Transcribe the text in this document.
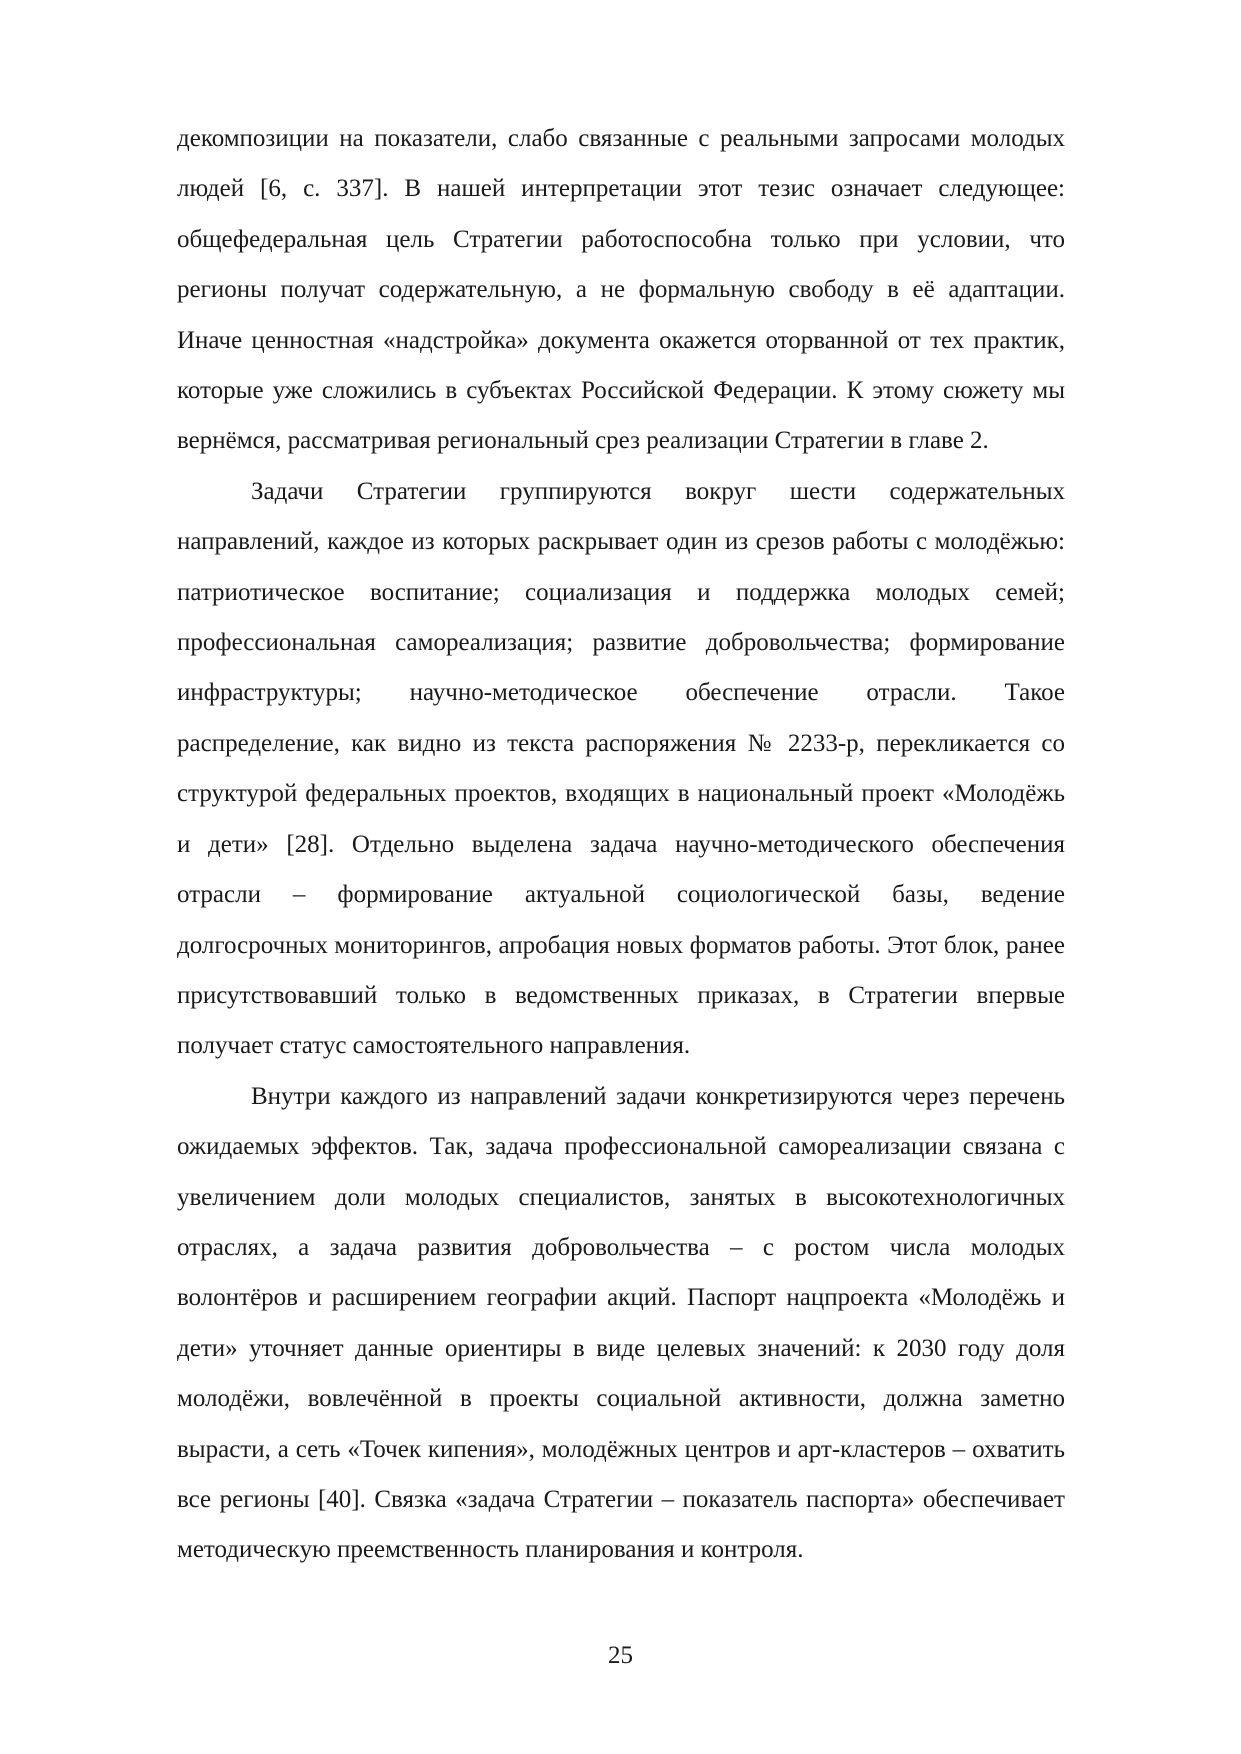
декомпозиции на показатели, слабо связанные с реальными запросами молодых людей [6, с. 337]. В нашей интерпретации этот тезис означает следующее: общефедеральная цель Стратегии работоспособна только при условии, что регионы получат содержательную, а не формальную свободу в её адаптации. Иначе ценностная «надстройка» документа окажется оторванной от тех практик, которые уже сложились в субъектах Российской Федерации. К этому сюжету мы вернёмся, рассматривая региональный срез реализации Стратегии в главе 2.

Задачи Стратегии группируются вокруг шести содержательных направлений, каждое из которых раскрывает один из срезов работы с молодёжью: патриотическое воспитание; социализация и поддержка молодых семей; профессиональная самореализация; развитие добровольчества; формирование инфраструктуры; научно-методическое обеспечение отрасли. Такое распределение, как видно из текста распоряжения № 2233-р, перекликается со структурой федеральных проектов, входящих в национальный проект «Молодёжь и дети» [28]. Отдельно выделена задача научно-методического обеспечения отрасли – формирование актуальной социологической базы, ведение долгосрочных мониторингов, апробация новых форматов работы. Этот блок, ранее присутствовавший только в ведомственных приказах, в Стратегии впервые получает статус самостоятельного направления.

Внутри каждого из направлений задачи конкретизируются через перечень ожидаемых эффектов. Так, задача профессиональной самореализации связана с увеличением доли молодых специалистов, занятых в высокотехнологичных отраслях, а задача развития добровольчества – с ростом числа молодых волонтёров и расширением географии акций. Паспорт нацпроекта «Молодёжь и дети» уточняет данные ориентиры в виде целевых значений: к 2030 году доля молодёжи, вовлечённой в проекты социальной активности, должна заметно вырасти, а сеть «Точек кипения», молодёжных центров и арт-кластеров – охватить все регионы [40]. Связка «задача Стратегии – показатель паспорта» обеспечивает методическую преемственность планирования и контроля.

25
